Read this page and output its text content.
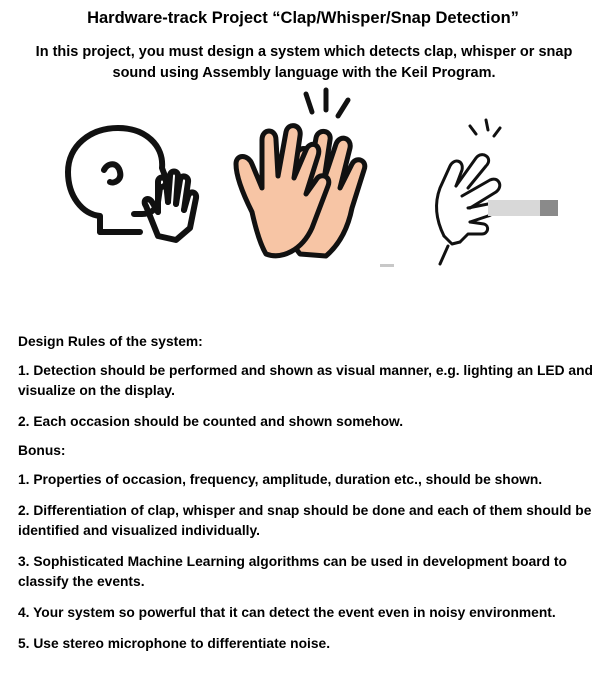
Hardware-track Project “Clap/Whisper/Snap Detection”
In this project, you must design a system which detects clap, whisper or snap sound using Assembly language with the Keil Program.

Design Rules of the system:

1. Detection should be performed and shown as visual manner, e.g. lighting an LED and visualize on the display.

2. Each occasion should be counted and shown somehow.

Bonus:

1. Properties of occasion, frequency, amplitude, duration etc., should be shown.

2. Differentiation of clap, whisper and snap should be done and each of them should be identified and visualized individually.

3. Sophisticated Machine Learning algorithms can be used in development board to classify the events.

4. Your system so powerful that it can detect the event even in noisy environment.

5. Use stereo microphone to differentiate noise.
